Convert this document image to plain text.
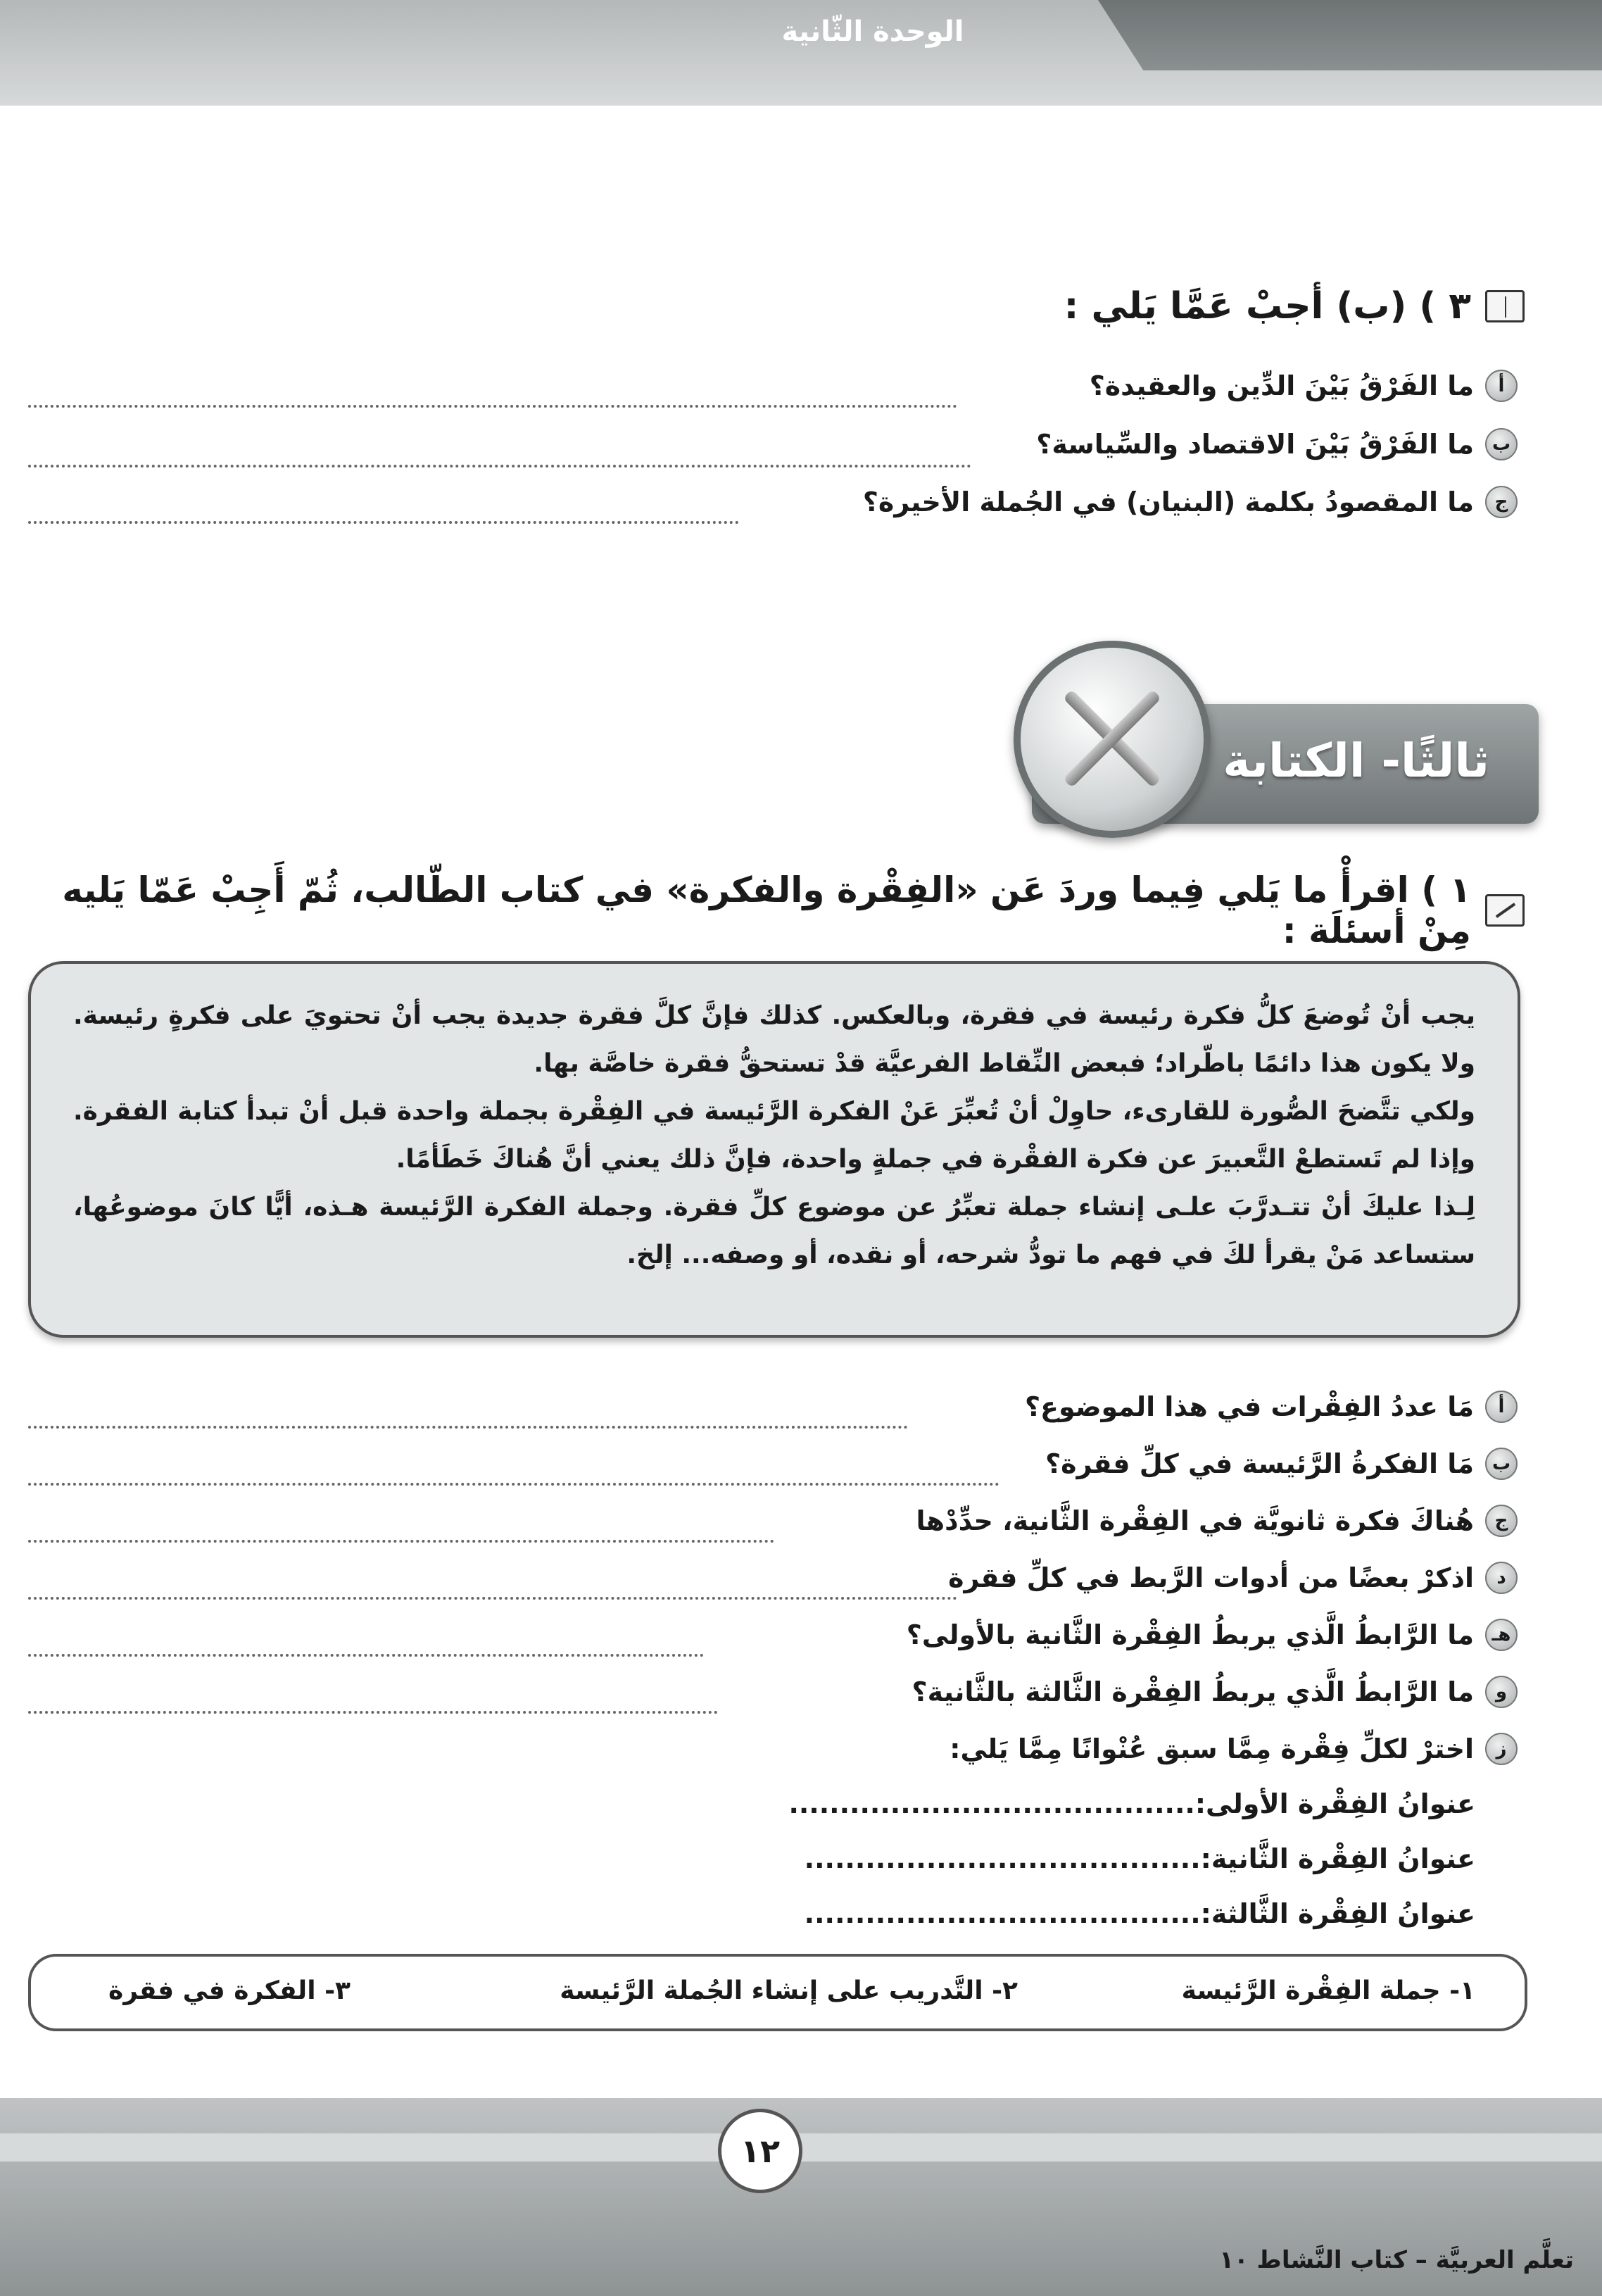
الوحدة الثّانية
٣ ) (ب) أجبْ عَمَّا يَلي :
أ
ما الفَرْقُ بَيْنَ الدِّين والعقيدة؟
ب
ما الفَرْقُ بَيْنَ الاقتصاد والسِّياسة؟
ج
ما المقصودُ بكلمة (البنيان) في الجُملة الأخيرة؟
ثالثًا- الكتابة
١ ) اقرأْ ما يَلي فِيما وردَ عَن «الفِقْرة والفكرة» في كتاب الطّالب، ثُمّ أَجِبْ عَمّا يَليه مِنْ أسئلَة :

يجب أنْ تُوضعَ كلُّ فكرة رئيسة في فقرة، وبالعكس. كذلك فإنَّ كلَّ فقرة جديدة يجب أنْ تحتويَ على فكرةٍ رئيسة. ولا يكون هذا دائمًا باطّراد؛ فبعض النِّقاط الفرعيَّة قدْ تستحقُّ فقرة خاصَّة بها.

ولكي تتَّضحَ الصُّورة للقارىء، حاوِلْ أنْ تُعبِّرَ عَنْ الفكرة الرَّئيسة في الفِقْرة بجملة واحدة قبل أنْ تبدأ كتابة الفقرة. وإذا لم تَستطعْ التَّعبيرَ عن فكرة الفقْرة في جملةٍ واحدة، فإنَّ ذلك يعني أنَّ هُناكَ خَطَأمًا.

لِـذا عليكَ أنْ تتـدرَّبَ علـى إنشاء جملة تعبِّرُ عن موضوع كلِّ فقرة. وجملة الفكرة الرَّئيسة هـذه، أيًّا كانَ موضوعُها، ستساعد مَنْ يقرأ لكَ في فهم ما تودُّ شرحه، أو نقده، أو وصفه... إلخ.

أ
مَا عددُ الفِقْرات في هذا الموضوع؟
ب
مَا الفكرةُ الرَّئيسة في كلِّ فقرة؟
ج
هُناكَ فكرة ثانويَّة في الفِقْرة الثَّانية، حدِّدْها
د
اذكرْ بعضًا من أدوات الرَّبط في كلِّ فقرة
هـ
ما الرَّابطُ الَّذي يربطُ الفِقْرة الثَّانية بالأولى؟
و
ما الرَّابطُ الَّذي يربطُ الفِقْرة الثَّالثة بالثَّانية؟
ز
اخترْ لكلِّ فِقْرة مِمَّا سبق عُنْوانًا مِمَّا يَلي:
عنوانُ الفِقْرة الأولى:........................................
عنوانُ الفِقْرة الثَّانية:.......................................
عنوانُ الفِقْرة الثَّالثة:.......................................
١- جملة الفِقْرة الرَّئيسة
٢- التَّدريب على إنشاء الجُملة الرَّئيسة
٣- الفكرة في فقرة
١٢
تعلَّم العربيَّة – كتاب النَّشاط ١٠
